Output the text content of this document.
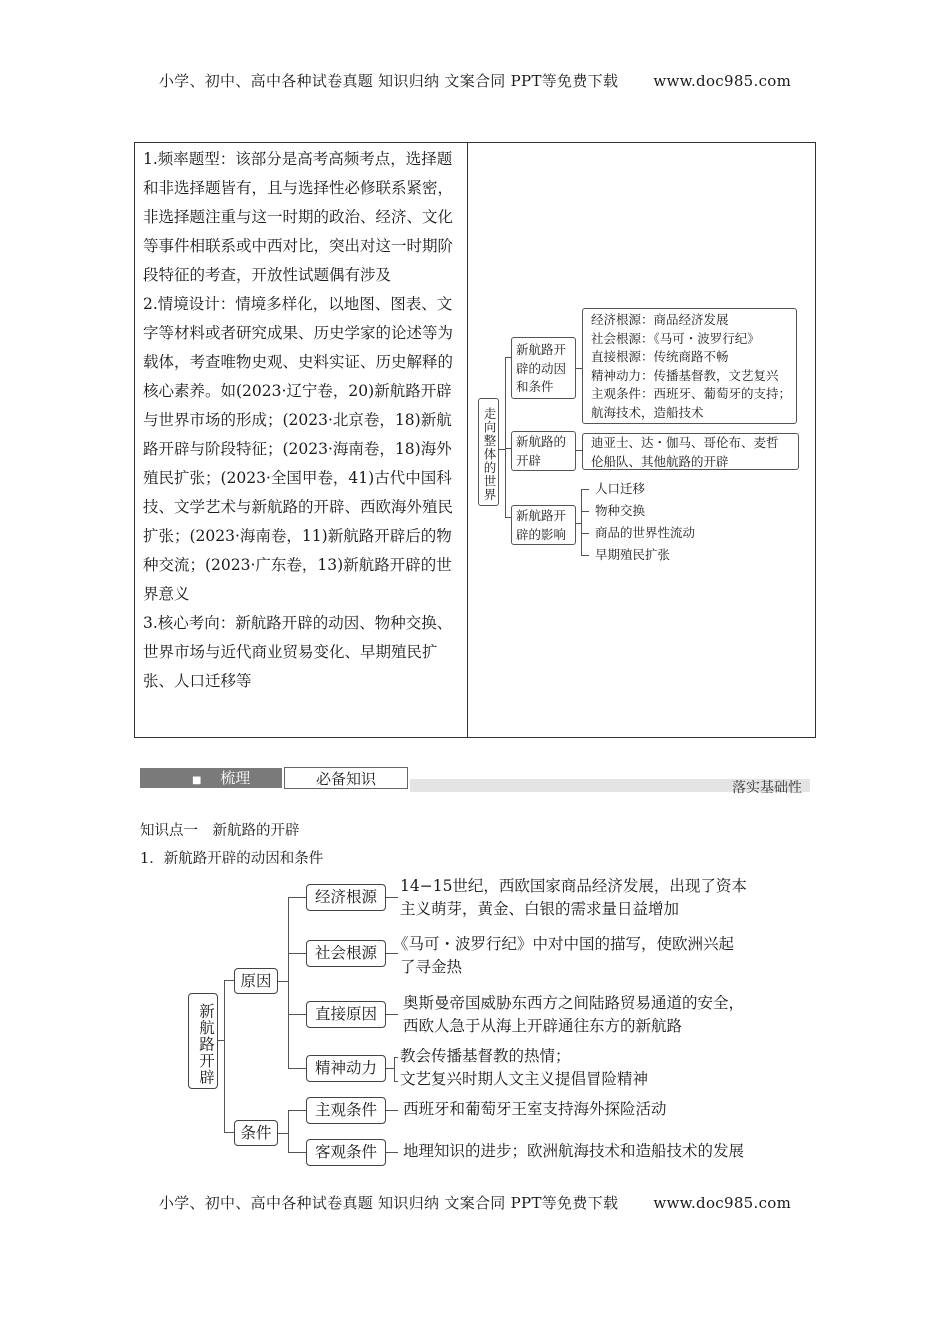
小学、初中、高中各种试卷真题 知识归纳 文案合同 PPT等免费下载 www.doc985.com

1.频率题型：该部分是高考高频考点，选择题和非选择题皆有，且与选择性必修联系紧密，非选择题注重与这一时期的政治、经济、文化等事件相联系或中西对比，突出对这一时期阶段特征的考查，开放性试题偶有涉及

2.情境设计：情境多样化，以地图、图表、文字等材料或者研究成果、历史学家的论述等为载体，考查唯物史观、史料实证、历史解释的核心素养。如(2023·辽宁卷，20)新航路开辟与世界市场的形成；(2023·北京卷，18)新航路开辟与阶段特征；(2023·海南卷，18)海外殖民扩张；(2023·全国甲卷，41)古代中国科技、文学艺术与新航路的开辟、西欧海外殖民扩张；(2023·海南卷，11)新航路开辟后的物种交流；(2023·广东卷，13)新航路开辟的世界意义

3.核心考向：新航路开辟的动因、物种交换、世界市场与近代商业贸易变化、早期殖民扩张、人口迁移等

走向整体的世界
新航路开辟的动因和条件
经济根源：商品经济发展
社会根源：《马可・波罗行纪》
直接根源：传统商路不畅
精神动力：传播基督教，文艺复兴
主观条件：西班牙、葡萄牙的支持；
航海技术，造船技术
新航路的开辟
迪亚士、达・伽马、哥伦布、麦哲
伦船队、其他航路的开辟
新航路开辟的影响
人口迁移
物种交换
商品的世界性流动
早期殖民扩张
■ 梳理	必备知识	落实基础性
知识点一　新航路的开辟
1．新航路开辟的动因和条件
新航路开辟
原因
条件
经济根源
社会根源
直接原因
精神动力
主观条件
客观条件
14−15世纪，西欧国家商品经济发展，出现了资本
主义萌芽，黄金、白银的需求量日益增加
《马可・波罗行纪》中对中国的描写，使欧洲兴起
了寻金热
奥斯曼帝国威胁东西方之间陆路贸易通道的安全，
西欧人急于从海上开辟通往东方的新航路
教会传播基督教的热情；
文艺复兴时期人文主义提倡冒险精神
西班牙和葡萄牙王室支持海外探险活动
地理知识的进步；欧洲航海技术和造船技术的发展
小学、初中、高中各种试卷真题 知识归纳 文案合同 PPT等免费下载 www.doc985.com
